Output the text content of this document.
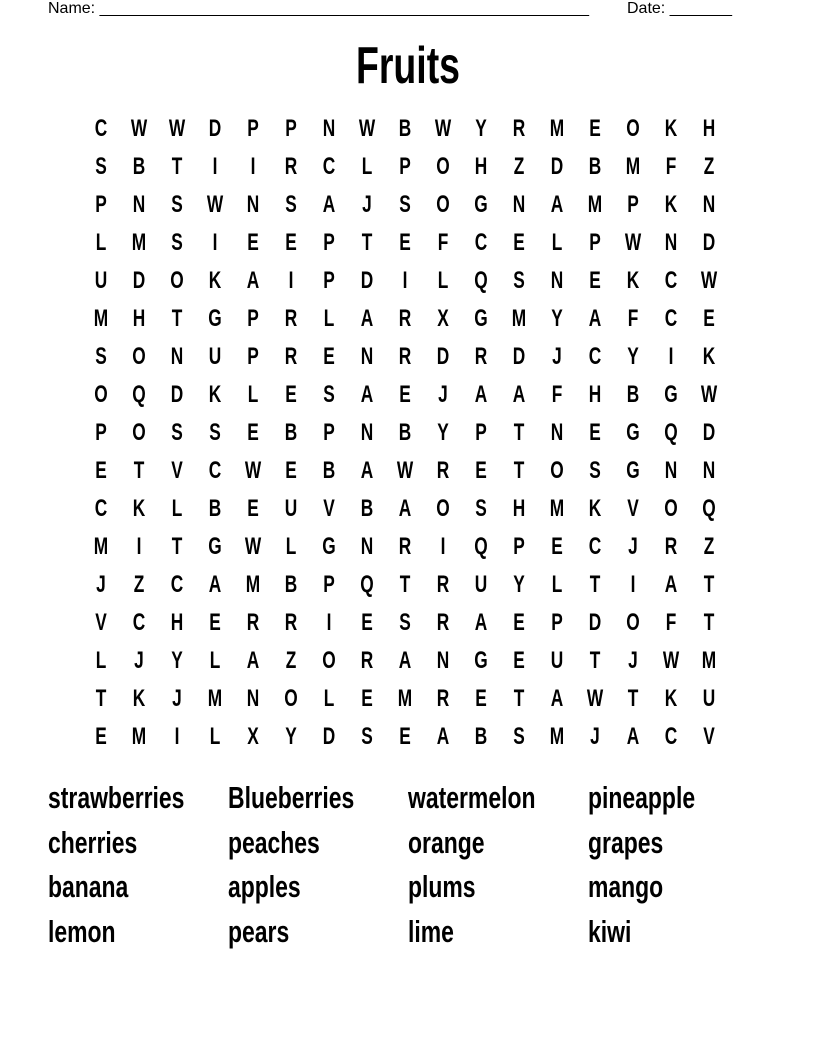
Name: _______________________________________________________ Date: _______
Fruits
C W W D	P	P	N W B W	Y	R	M	E	O	K	H
S	B	T	I	I	R	C	L	P	O	H	Z	D	B	M	F	Z
P	N	S	W N	S	A	J	S	O G	N	A	M	P	K	N
L	M	S	I	E	E	P	T	E	F	C	E	L	P	W N	D
U	D	O	K	A	I	P	D	I	L	Q	S	N	E	K	C W
M	H	T	G	P	R	L	A	R	X	G M	Y	A	F	C	E
S	O	N	U	P	R	E	N	R	D	R	D	J	C	Y	I	K
O Q	D	K	L	E	S	A	E	J	A	A	F	H	B	G W
P	O	S	S	E	B	P	N	B	Y	P	T	N	E	G Q	D
E	T	V	C W	E	B	A W R	E	T	O	S	G	N	N
C	K	L	B	E	U	V	B	A	O	S	H	M	K	V	O Q
M	I	T	G W	L	G	N	R	I	Q	P	E	C	J	R	Z
J	Z	C	A	M	B	P	Q	T	R	U	Y	L	T	I	A	T
V	C	H	E	R	R	I	E	S	R	A	E	P	D	O	F	T
L	J	Y	L	A	Z	O	R	A	N	G	E	U	T	J	W M
T	K	J	M	N	O	L	E	M	R	E	T	A W	T	K	U
E	M	I	L	X	Y	D	S	E	A	B	S	M	J	A	C	V
strawberries Blueberries watermelon pineapple
cherries	peaches	orange	grapes
banana	apples	plums	mango
lemon	pears	lime	kiwi
